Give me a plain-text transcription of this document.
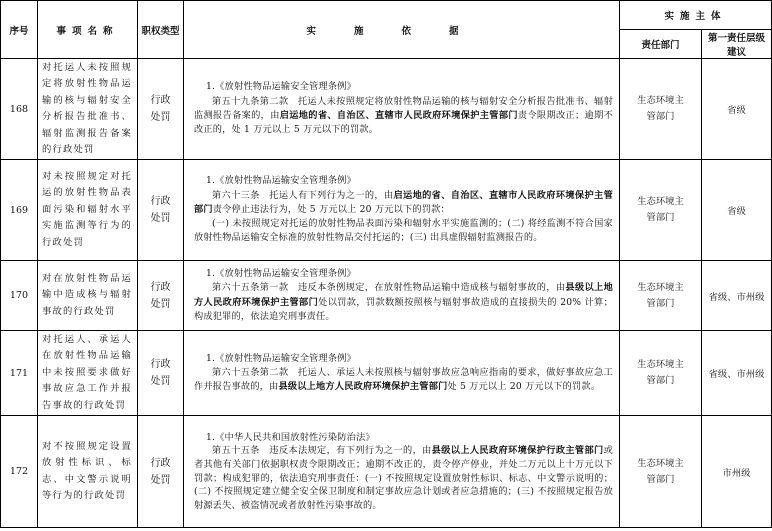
序号	事项名称	职权类型	实施依据	实施主体	
				责任部门	第一责任层级建议
168	对托运人未按照规定将放射性物品运输的核与辐射安全分析报告批准书、辐射监测报告备案的行政处罚	行政处罚	1.《放射性物品运输安全管理条例》
第五十九条第二款　托运人未按照规定将放射性物品运输的核与辐射安全分析报告批准书、辐射监测报告备案的，由启运地的省、自治区、直辖市人民政府环境保护主管部门责令限期改正；逾期不改正的，处 1 万元以上 5 万元以下的罚款。	生态环境主管部门	省级
169	对未按照规定对托运的放射性物品表面污染和辐射水平实施监测等行为的行政处罚	行政处罚	1.《放射性物品运输安全管理条例》
第六十三条　托运人有下列行为之一的，由启运地的省、自治区、直辖市人民政府环境保护主管部门责令停止违法行为，处 5 万元以上 20 万元以下的罚款：
(一) 未按照规定对托运的放射性物品表面污染和辐射水平实施监测的；(二) 将经监测不符合国家放射性物品运输安全标准的放射性物品交付托运的；(三) 出具虚假辐射监测报告的。	生态环境主管部门	省级
170	对在放射性物品运输中造成核与辐射事故的行政处罚	行政处罚	1.《放射性物品运输安全管理条例》
第六十五条第一款　违反本条例规定，在放射性物品运输中造成核与辐射事故的，由县级以上地方人民政府环境保护主管部门处以罚款，罚款数额按照核与辐射事故造成的直接损失的 20% 计算；构成犯罪的，依法追究刑事责任。	生态环境主管部门	省级、市州级
171	对托运人、承运人在放射性物品运输中未按照要求做好事故应急工作并报告事故的行政处罚	行政处罚	1.《放射性物品运输安全管理条例》
第六十五条第二款　托运人、承运人未按照核与辐射事故应急响应指南的要求，做好事故应急工作并报告事故的，由县级以上地方人民政府环境保护主管部门处 5 万元以上 20 万元以下的罚款。	生态环境主管部门	省级、市州级
172	对不按照规定设置放射性标识、标志、中文警示说明等行为的行政处罚	行政处罚	1.《中华人民共和国放射性污染防治法》
第五十五条　违反本法规定，有下列行为之一的，由县级以上人民政府环境保护行政主管部门或者其他有关部门依据职权责令限期改正；逾期不改正的，责令停产停业，并处二万元以上十万元以下罚款；构成犯罪的，依法追究刑事责任：(一) 不按照规定设置放射性标识、标志、中文警示说明的；(二) 不按照规定建立健全安全保卫制度和制定事故应急计划或者应急措施的；(三) 不按照规定报告放射源丢失、被盗情况或者放射性污染事故的。	生态环境主管部门	市州级
